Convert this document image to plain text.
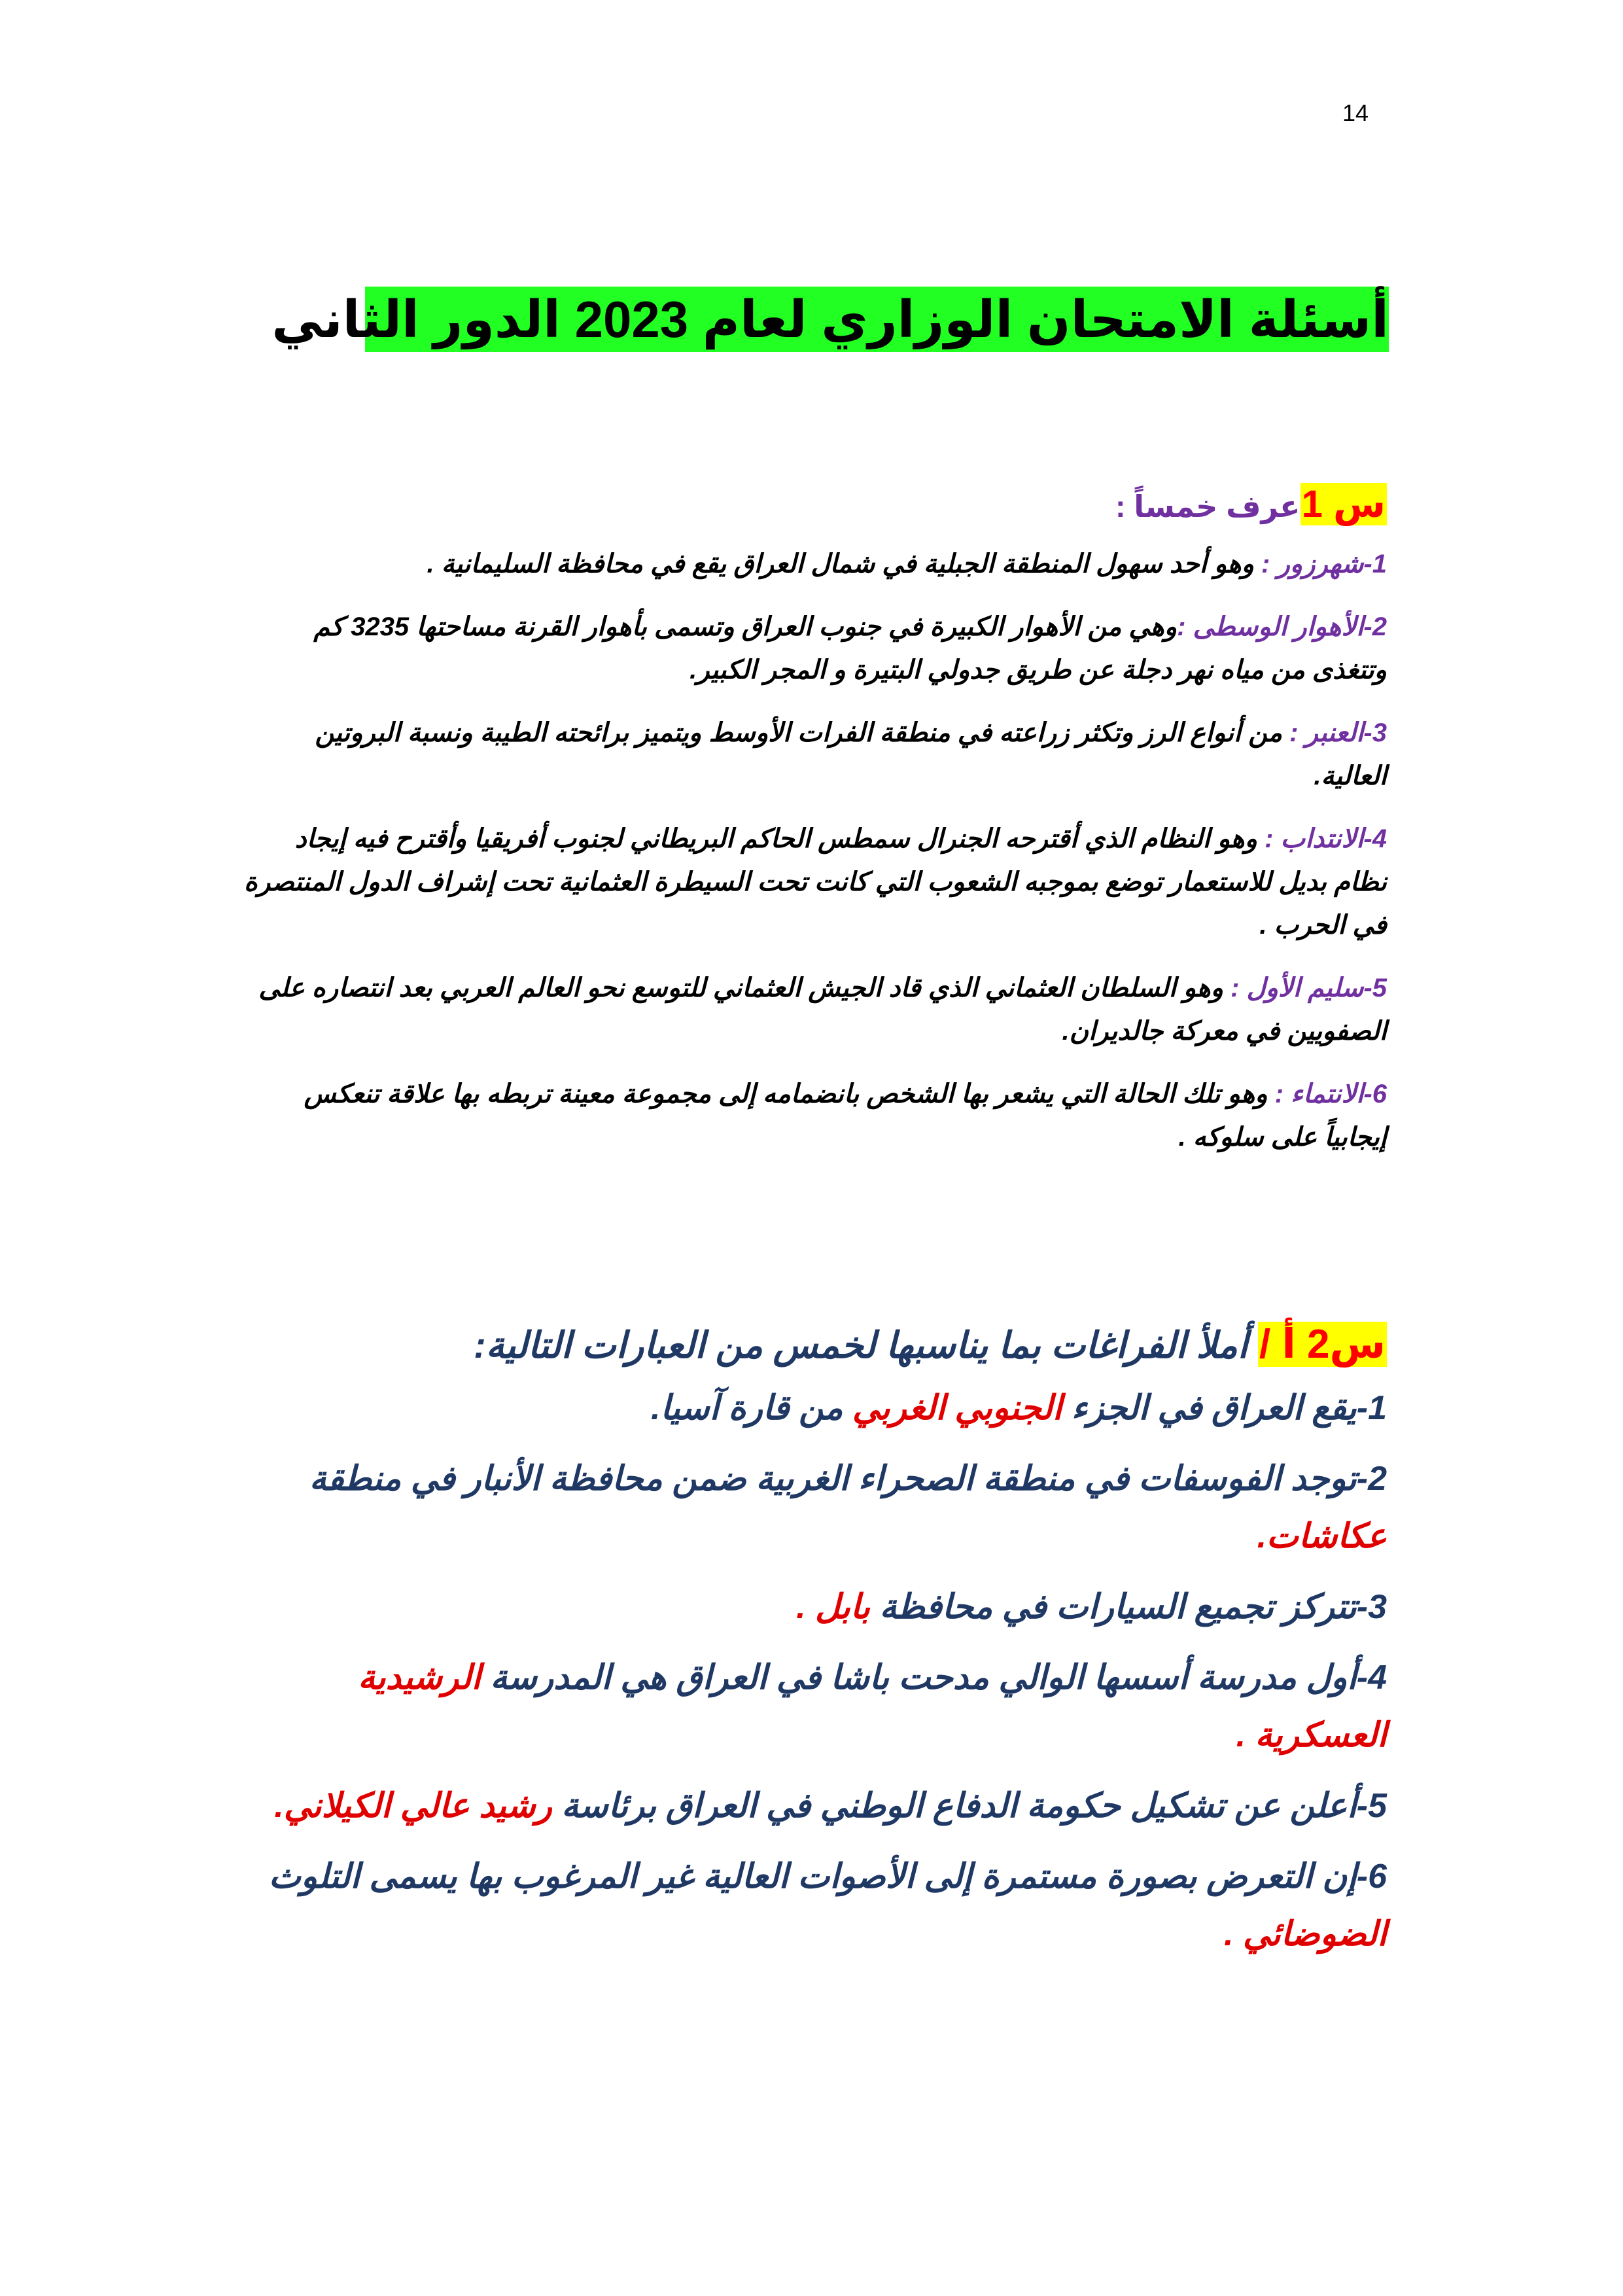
14
أسئلة الامتحان الوزاري لعام 2023 الدور الثاني
س 1عرف خمساً :
1-شهرزور : وهو أحد سهول المنطقة الجبلية في شمال العراق يقع في محافظة السليمانية .
2-الأهوار الوسطى :وهي من الأهوار الكبيرة في جنوب العراق وتسمى بأهوار القرنة مساحتها 3235 كم وتتغذى من مياه نهر دجلة عن طريق جدولي البتيرة و المجر الكبير.
3-العنبر : من أنواع الرز وتكثر زراعته في منطقة الفرات الأوسط ويتميز برائحته الطيبة ونسبة البروتين العالية.
4-الانتداب : وهو النظام الذي أقترحه الجنرال سمطس الحاكم البريطاني لجنوب أفريقيا وأقترح فيه إيجاد نظام بديل للاستعمار توضع بموجبه الشعوب التي كانت تحت السيطرة العثمانية تحت إشراف الدول المنتصرة في الحرب .
5-سليم الأول : وهو السلطان العثماني الذي قاد الجيش العثماني للتوسع نحو العالم العربي بعد انتصاره على الصفويين في معركة جالديران.
6-الانتماء : وهو تلك الحالة التي يشعر بها الشخص بانضمامه إلى مجموعة معينة تربطه بها علاقة تنعكس إيجابياً على سلوكه .
س2 أ / أملأ الفراغات بما يناسبها لخمس من العبارات التالية:
1-يقع العراق في الجزء الجنوبي الغربي من قارة آسيا.
2-توجد الفوسفات في منطقة الصحراء الغربية ضمن محافظة الأنبار في منطقة عكاشات.
3-تتركز تجميع السيارات في محافظة بابل .
4-أول مدرسة أسسها الوالي مدحت باشا في العراق هي المدرسة الرشيدية العسكرية .
5-أعلن عن تشكيل حكومة الدفاع الوطني في العراق برئاسة رشيد عالي الكيلاني.
6-إن التعرض بصورة مستمرة إلى الأصوات العالية غير المرغوب بها يسمى التلوث الضوضائي .
